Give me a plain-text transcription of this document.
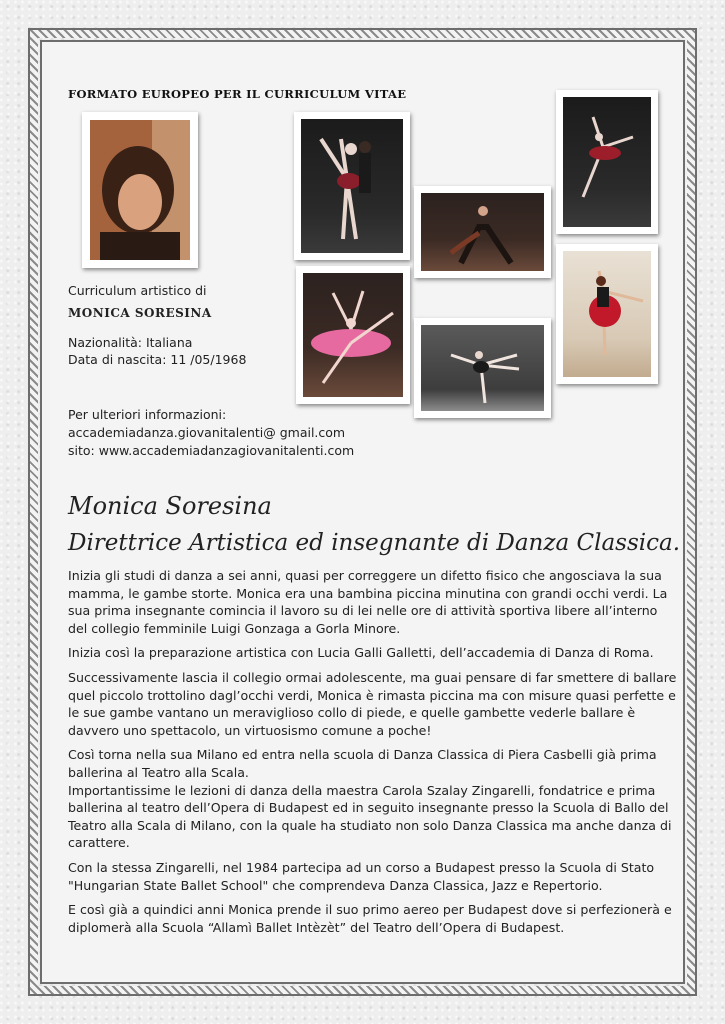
FORMATO EUROPEO PER IL CURRICULUM VITAE
Curriculum artistico di
MONICA SORESINA
Nazionalità: Italiana
Data di nascita: 11 /05/1968
Per ulteriori informazioni:
accademiadanza.giovanitalenti@ gmail.com
sito: www.accademiadanzagiovanitalenti.com
Monica Soresina
Direttrice Artistica ed insegnante di Danza Classica.

Inizia gli studi di danza a sei anni, quasi per correggere un difetto fisico che angosciava la sua mamma, le gambe storte. Monica era una bambina piccina minutina con grandi occhi verdi. La sua prima insegnante comincia il lavoro su di lei nelle ore di attività sportiva libere all’interno del collegio femminile Luigi Gonzaga a Gorla Minore.

Inizia così la preparazione artistica con Lucia Galli Galletti, dell’accademia di Danza di Roma.

Successivamente lascia il collegio ormai adolescente, ma guai pensare di far smettere di ballare quel piccolo trottolino dagl’occhi verdi, Monica è rimasta piccina ma con misure quasi perfette e le sue gambe vantano un meraviglioso collo di piede, e quelle gambette vederle ballare è davvero uno spettacolo, un virtuosismo comune a poche!

Così torna nella sua Milano ed entra nella scuola di Danza Classica di Piera Casbelli già prima ballerina al Teatro alla Scala.

Importantissime le lezioni di danza della maestra Carola Szalay Zingarelli, fondatrice e prima ballerina al teatro dell’Opera di Budapest ed in seguito insegnante presso la Scuola di Ballo del Teatro alla Scala di Milano, con la quale ha studiato non solo Danza Classica ma anche danza di carattere.

Con la stessa Zingarelli, nel 1984 partecipa ad un corso a Budapest presso la Scuola di Stato "Hungarian State Ballet School" che comprendeva Danza Classica, Jazz e Repertorio.

E così già a quindici anni Monica prende il suo primo aereo per Budapest dove si perfezionerà e diplomerà alla Scuola “Allamì Ballet Intèzèt” del Teatro dell’Opera di Budapest.
